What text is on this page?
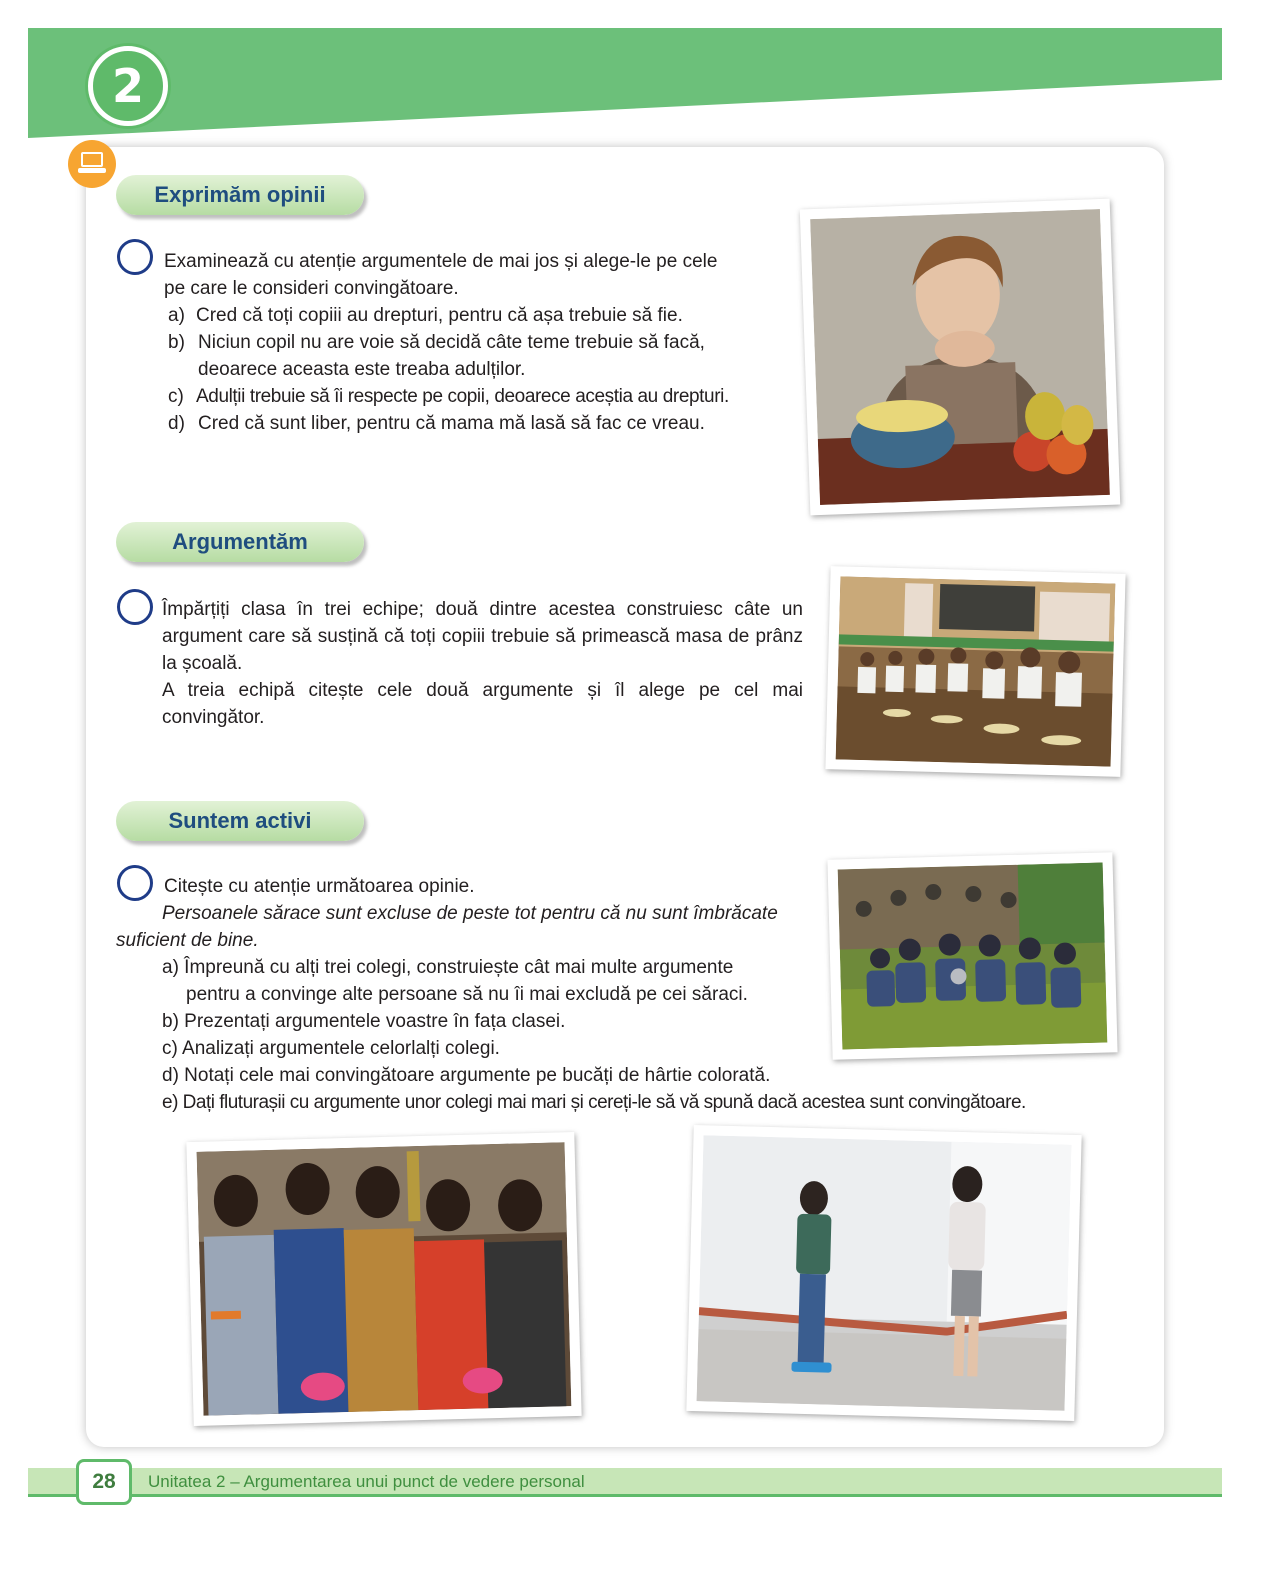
2
Exprimăm opinii
Examinează cu atenție argumentele de mai jos și alege-le pe cele
pe care le consideri convingătoare.
a) Cred că toți copiii au drepturi, pentru că așa trebuie să fie.
b) Niciun copil nu are voie să decidă câte teme trebuie să facă,
deoarece aceasta este treaba adulților.
c) Adulții trebuie să îi respecte pe copii, deoarece aceștia au drepturi.
d) Cred că sunt liber, pentru că mama mă lasă să fac ce vreau.
Argumentăm
Împărțiți clasa în trei echipe; două dintre acestea construiesc câte un argument care să susțină că toți copiii trebuie să primească masa de prânz la școală.
A treia echipă citește cele două argumente și îl alege pe cel mai convingător.
Suntem activi
Citește cu atenție următoarea opinie.
Persoanele sărace sunt excluse de peste tot pentru că nu sunt îmbrăcate
suficient de bine.
a) Împreună cu alți trei colegi, construiește cât mai multe argumente
pentru a convinge alte persoane să nu îi mai excludă pe cei săraci.
b) Prezentați argumentele voastre în fața clasei.
c) Analizați argumentele celorlalți colegi.
d) Notați cele mai convingătoare argumente pe bucăți de hârtie colorată.
e) Dați fluturașii cu argumente unor colegi mai mari și cereți-le să vă spună dacă acestea sunt convingătoare.
28	Unitatea 2 – Argumentarea unui punct de vedere personal
